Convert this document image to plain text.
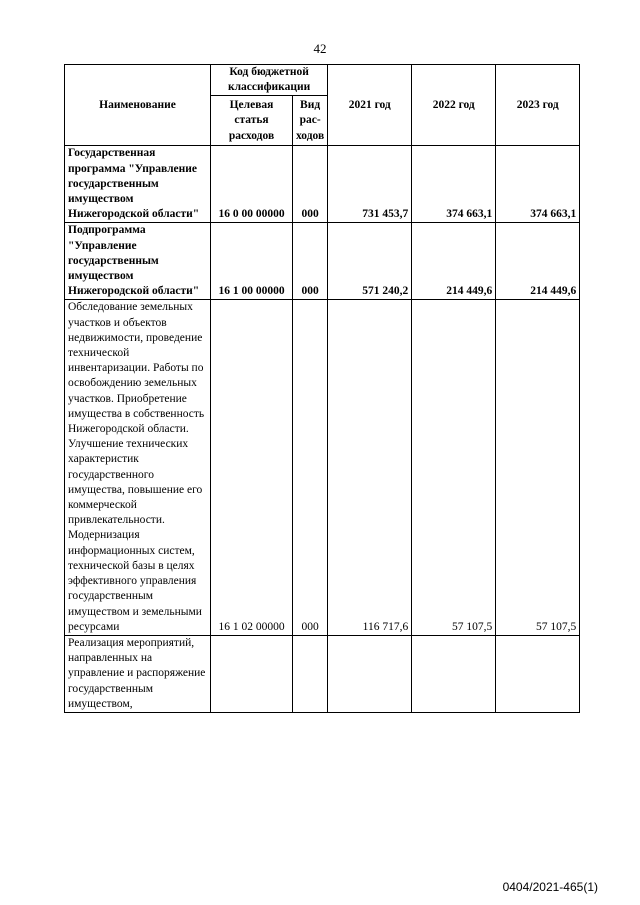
42
Наименование	Код бюджетной классификации		2021 год	2022 год	2023 год
	Целевая статья расходов	Вид рас-ходов			
Государственная программа "Управление государственным имуществом Нижегородской области"	16 0 00 00000	000	731 453,7	374 663,1	374 663,1
Подпрограмма "Управление государственным имуществом Нижегородской области"	16 1 00 00000	000	571 240,2	214 449,6	214 449,6
Обследование земельных участков и объектов недвижимости, проведение технической инвентаризации. Работы по освобождению земельных участков. Приобретение имущества в собственность Нижегородской области. Улучшение технических характеристик государственного имущества, повышение его коммерческой привлекательности. Модернизация информационных систем, технической базы в целях эффективного управления государственным имуществом и земельными ресурсами	16 1 02 00000	000	116 717,6	57 107,5	57 107,5
Реализация мероприятий, направленных на управление и распоряжение государственным имуществом,					
0404/2021-465(1)
